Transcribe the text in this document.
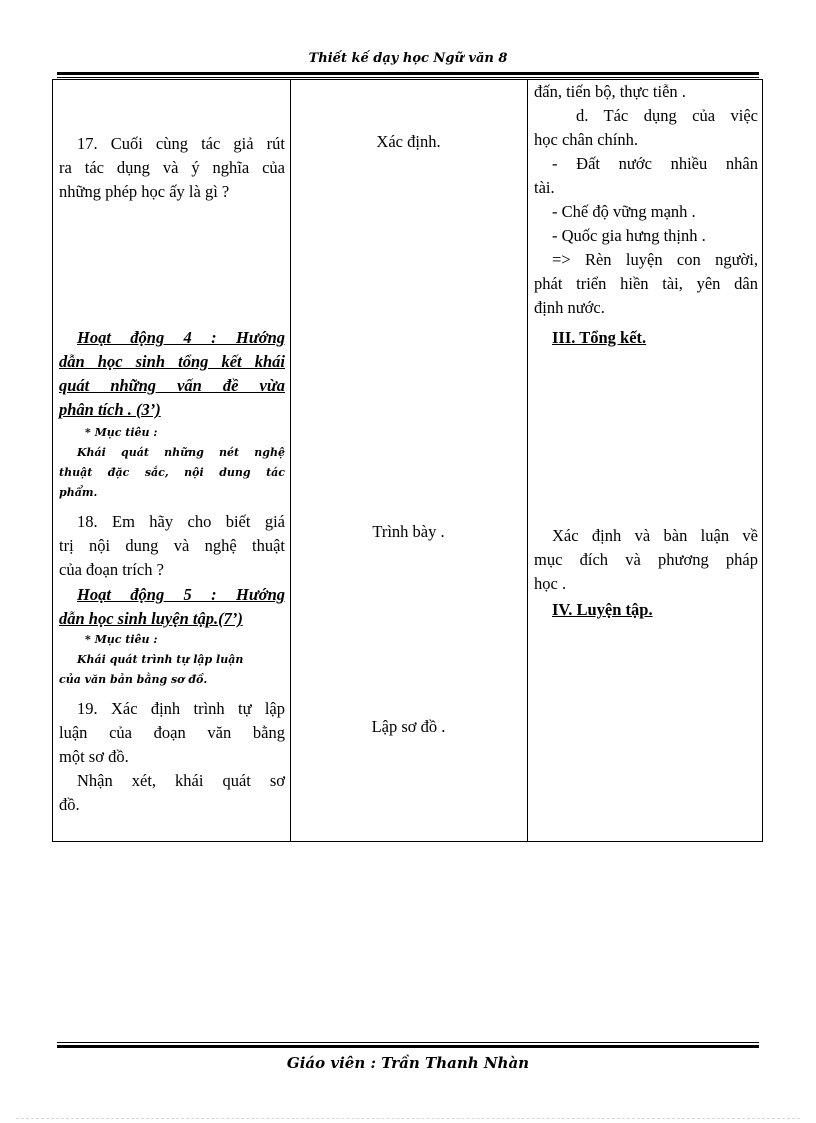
Thiết kế dạy học Ngữ văn 8
17. Cuối cùng tác giả rút
ra tác dụng và ý nghĩa của
những phép học ấy là gì ?
Hoạt động 4 : Hướng
dẫn học sinh tổng kết khái
quát những vấn đề vừa
phân tích . (3’)
* Mục tiêu :
Khái quát những nét nghệ
thuật đặc sắc, nội dung tác
phẩm.
18. Em hãy cho biết giá
trị nội dung và nghệ thuật
của đoạn trích ?
Hoạt động 5 : Hướng
dẫn học sinh luyện tập.(7’)
* Mục tiêu :
Khái quát trình tự lập luận
của văn bản bằng sơ đồ.
19. Xác định trình tự lập
luận của đoạn văn bằng
một sơ đồ.
Nhận xét, khái quát sơ
đồ.
Xác định.
Trình bày .
Lập sơ đồ .
đấn, tiến bộ, thực tiễn .
d. Tác dụng của việc
học chân chính.
- Đất nước nhiều nhân
tài.
- Chế độ vững mạnh .
- Quốc gia hưng thịnh .
=> Rèn luyện con người,
phát triển hiền tài, yên dân
định nước.
III. Tổng kết.
Xác định và bàn luận về
mục đích và phương pháp
học .
IV. Luyện tập.
Giáo viên : Trần Thanh Nhàn
